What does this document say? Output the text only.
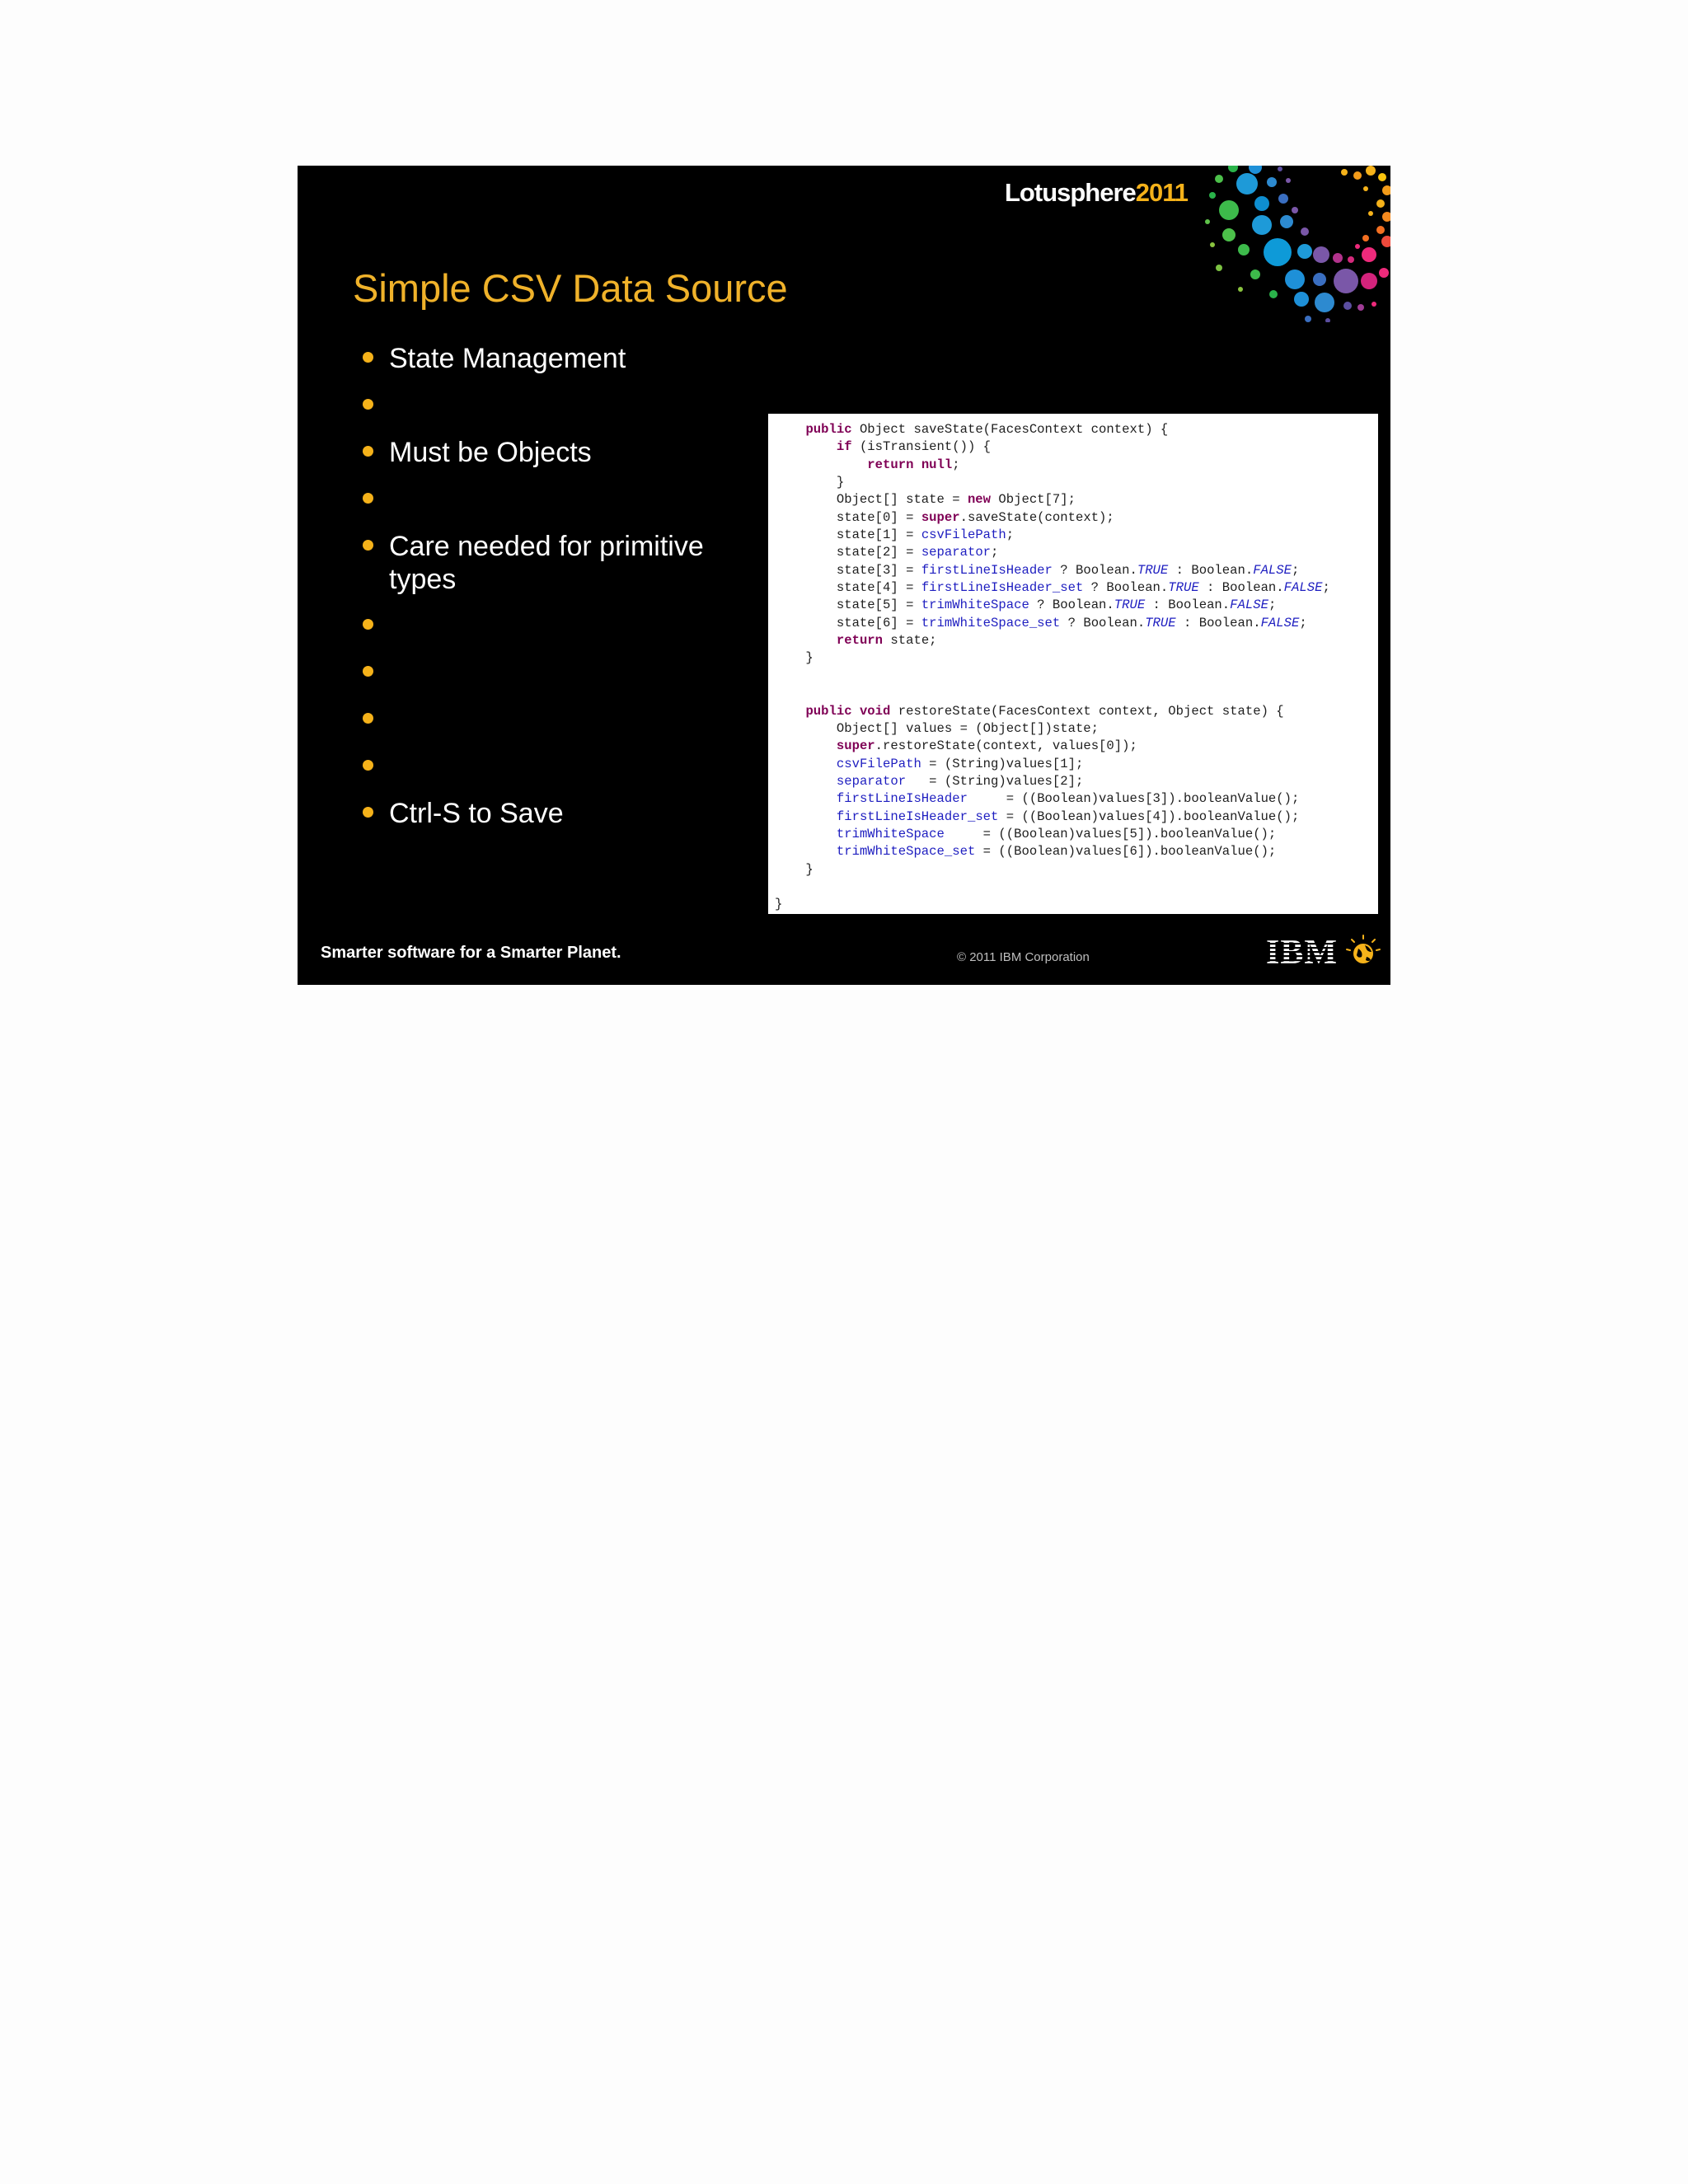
Lotusphere2011
Simple CSV Data Source
State Management
Must be Objects
Care needed for primitive types
Ctrl-S to Save
public Object saveState(FacesContext context) {
if (isTransient()) {
return null;
}
Object[] state = new Object[7];
state[0] = super.saveState(context);
state[1] = csvFilePath;
state[2] = separator;
state[3] = firstLineIsHeader ? Boolean.TRUE : Boolean.FALSE;
state[4] = firstLineIsHeader_set ? Boolean.TRUE : Boolean.FALSE;
state[5] = trimWhiteSpace ? Boolean.TRUE : Boolean.FALSE;
state[6] = trimWhiteSpace_set ? Boolean.TRUE : Boolean.FALSE;
return state;
}

public void restoreState(FacesContext context, Object state) {
Object[] values = (Object[])state;
super.restoreState(context, values[0]);
csvFilePath = (String)values[1];
separator   = (String)values[2];
firstLineIsHeader	= ((Boolean)values[3]).booleanValue();
firstLineIsHeader_set = ((Boolean)values[4]).booleanValue();
trimWhiteSpace	= ((Boolean)values[5]).booleanValue();
trimWhiteSpace_set = ((Boolean)values[6]).booleanValue();
}

}
Smarter software for a Smarter Planet.	© 2011 IBM Corporation
